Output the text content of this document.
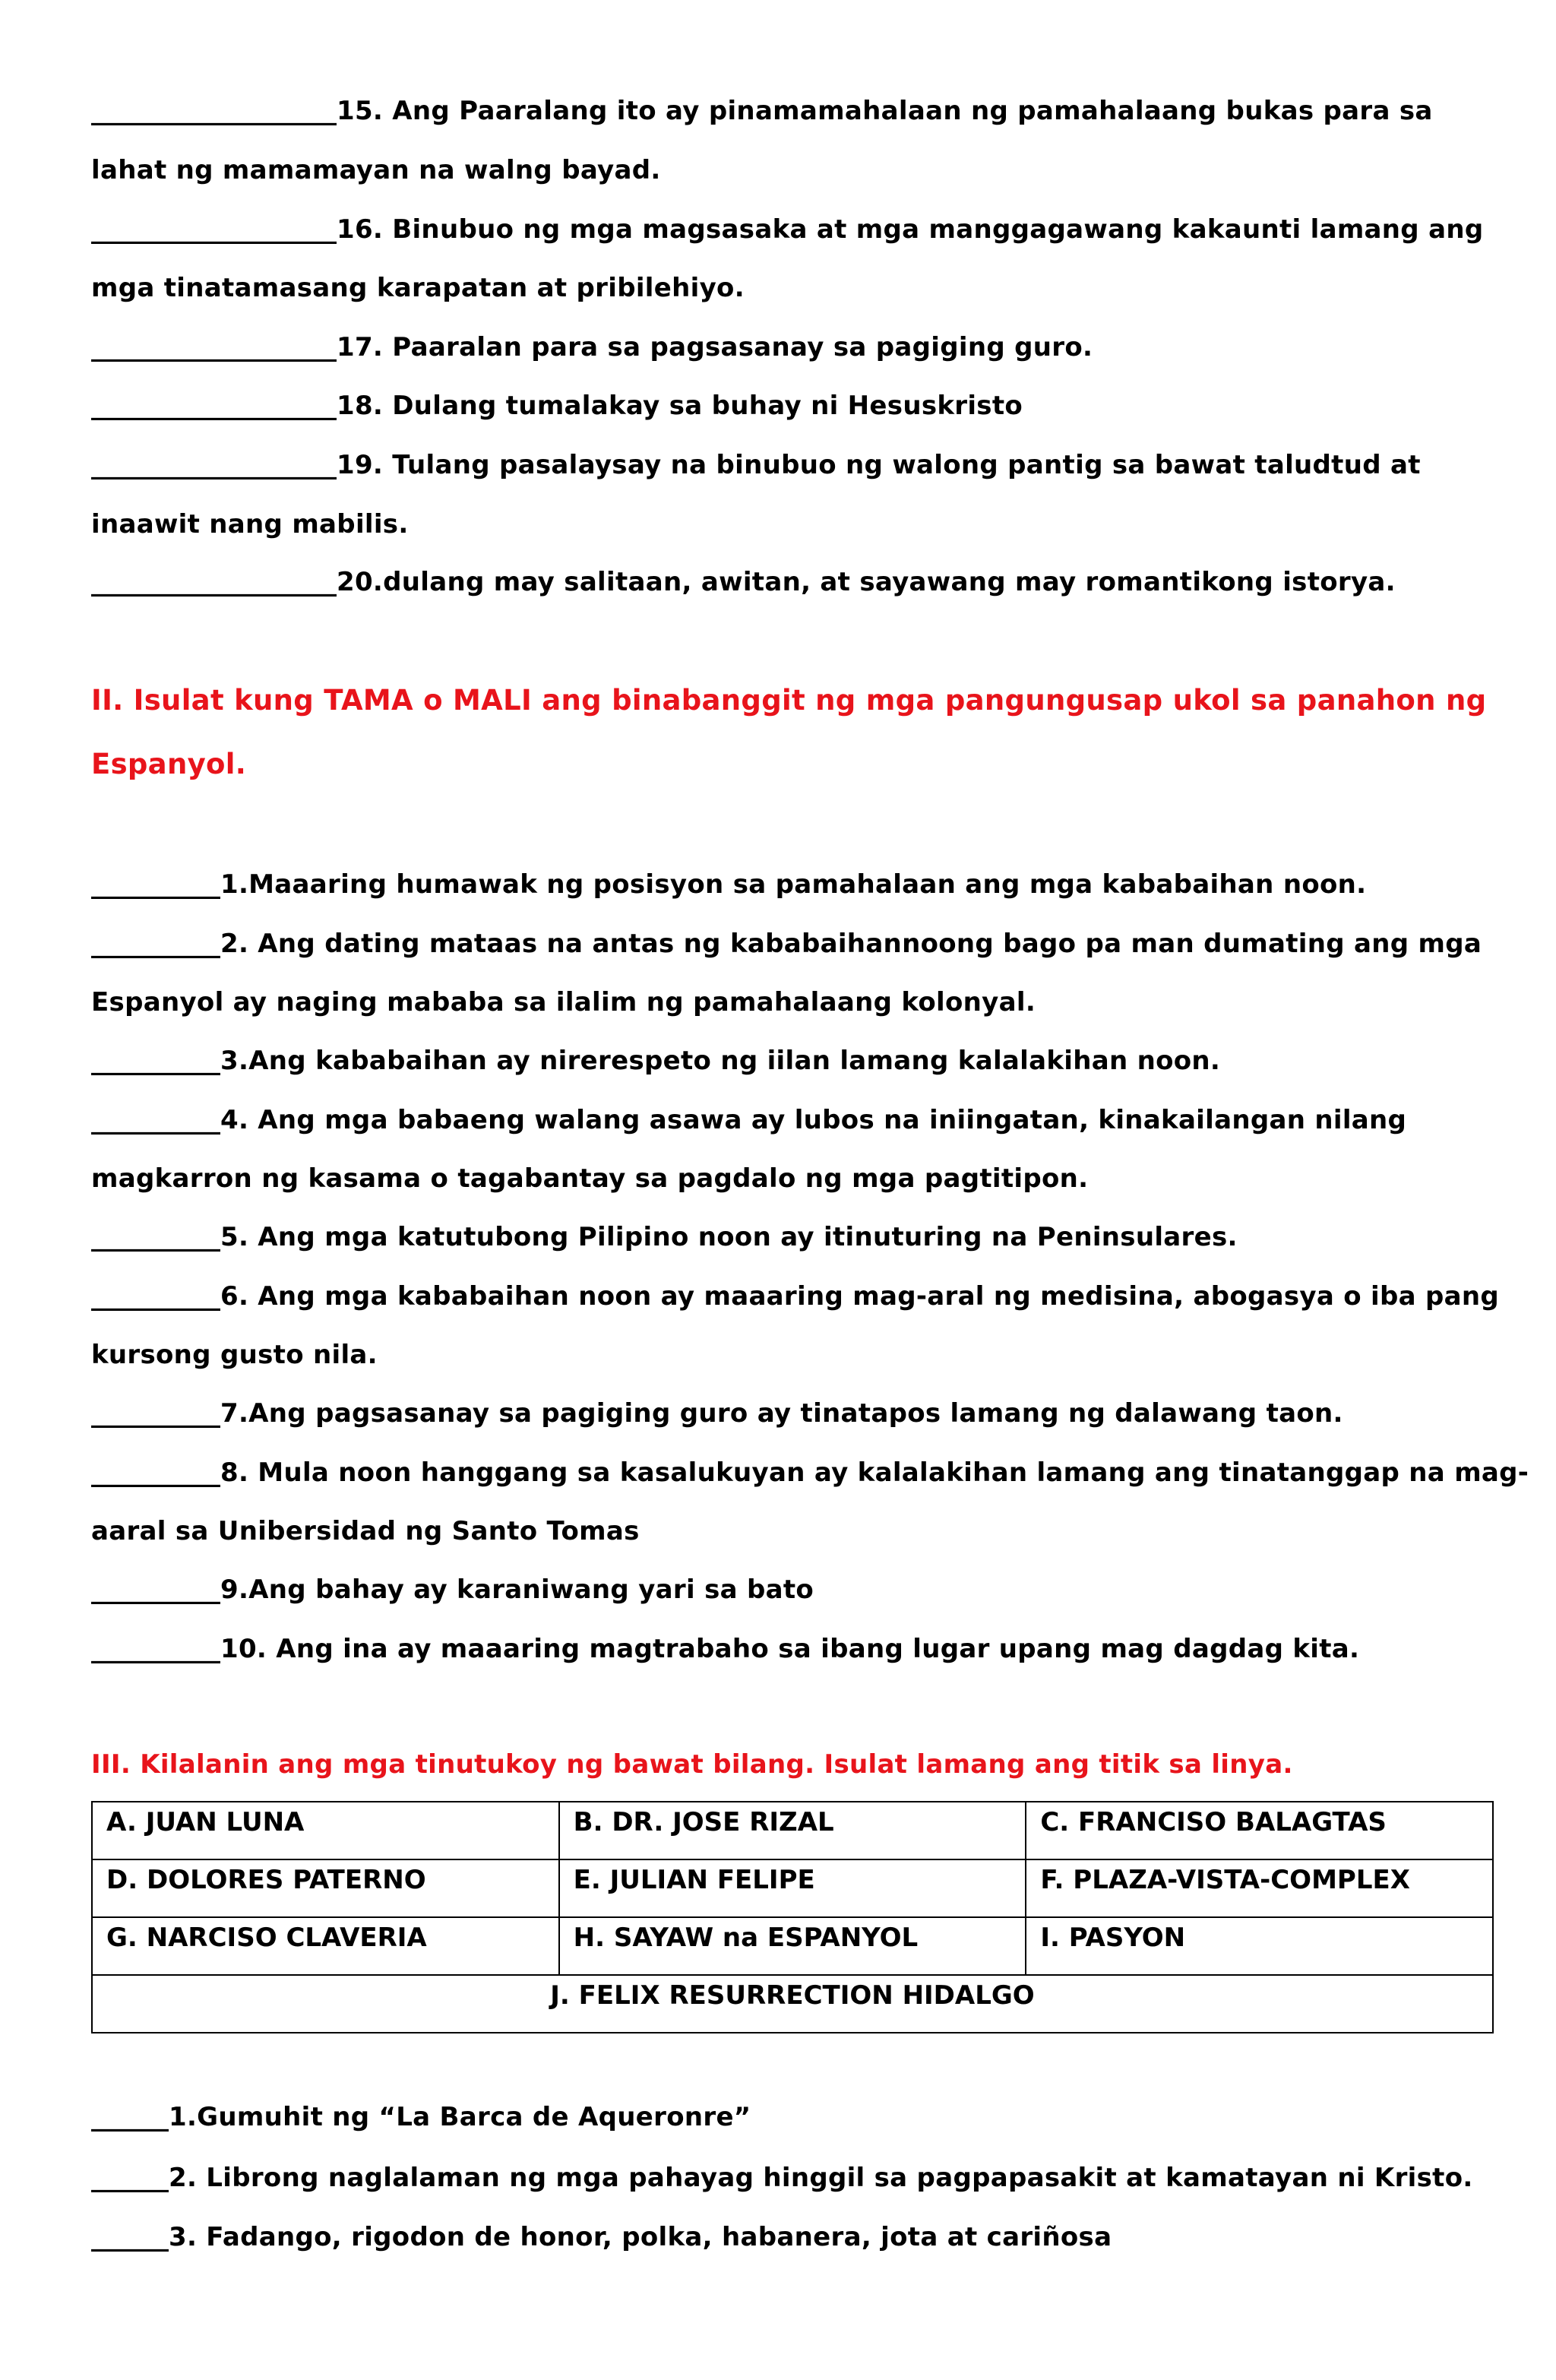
___________________15. Ang Paaralang ito ay pinamamahalaan ng pamahalaang bukas para sa
lahat ng mamamayan na walng bayad.
___________________16. Binubuo ng mga magsasaka at mga manggagawang kakaunti lamang ang
mga tinatamasang karapatan at pribilehiyo.
___________________17. Paaralan para sa pagsasanay sa pagiging guro.
___________________18. Dulang tumalakay sa buhay ni Hesuskristo
___________________19. Tulang pasalaysay na binubuo ng walong pantig sa bawat taludtud at
inaawit nang mabilis.
___________________20.dulang may salitaan, awitan, at sayawang may romantikong istorya.
II. Isulat kung TAMA o MALI ang binabanggit ng mga pangungusap ukol sa panahon ng
Espanyol.
__________1.Maaaring humawak ng posisyon sa pamahalaan ang mga kababaihan noon.
__________2. Ang dating mataas na antas ng kababaihannoong bago pa man dumating ang mga
Espanyol ay naging mababa sa ilalim ng pamahalaang kolonyal.
__________3.Ang kababaihan ay nirerespeto ng iilan lamang kalalakihan noon.
__________4. Ang mga babaeng walang asawa ay lubos na iniingatan, kinakailangan nilang
magkarron ng kasama o tagabantay sa pagdalo ng mga pagtitipon.
__________5. Ang mga katutubong Pilipino noon ay itinuturing na Peninsulares.
__________6. Ang mga kababaihan noon ay maaaring mag-aral ng medisina, abogasya o iba pang
kursong gusto nila.
__________7.Ang pagsasanay sa pagiging guro ay tinatapos lamang ng dalawang taon.
__________8. Mula noon hanggang sa kasalukuyan ay kalalakihan lamang ang tinatanggap na mag-
aaral sa Unibersidad ng Santo Tomas
__________9.Ang bahay ay karaniwang yari sa bato
__________10. Ang ina ay maaaring magtrabaho sa ibang lugar upang mag dagdag kita.
III. Kilalanin ang mga tinutukoy ng bawat bilang. Isulat lamang ang titik sa linya.
A. JUAN LUNA	B. DR. JOSE RIZAL	C. FRANCISO BALAGTAS
D. DOLORES PATERNO	E. JULIAN FELIPE	F. PLAZA-VISTA-COMPLEX
G. NARCISO CLAVERIA	H. SAYAW na ESPANYOL	I. PASYON
J. FELIX RESURRECTION HIDALGO		
______1.Gumuhit ng “La Barca de Aqueronre”
______2. Librong naglalaman ng mga pahayag hinggil sa pagpapasakit at kamatayan ni Kristo.
______3. Fadango, rigodon de honor, polka, habanera, jota at cariñosa
